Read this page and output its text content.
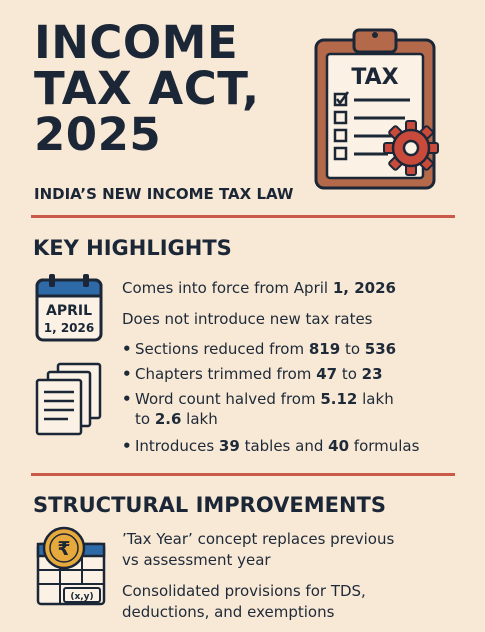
INCOME
TAX ACT,
2025
INDIA’S NEW INCOME TAX LAW
TAX
KEY HIGHLIGHTS
APRIL
1, 2026
Comes into force from April 1, 2026
Does not introduce new tax rates
• Sections reduced from 819 to 536
• Chapters trimmed from 47 to 23
• Word count halved from 5.12 lakh
to 2.6 lakh
• Introduces 39 tables and 40 formulas
STRUCTURAL IMPROVEMENTS
(x,y)
₹	’Tax Year’ concept replaces previous
vs assessment year
Consolidated provisions for TDS,
deductions, and exemptions
